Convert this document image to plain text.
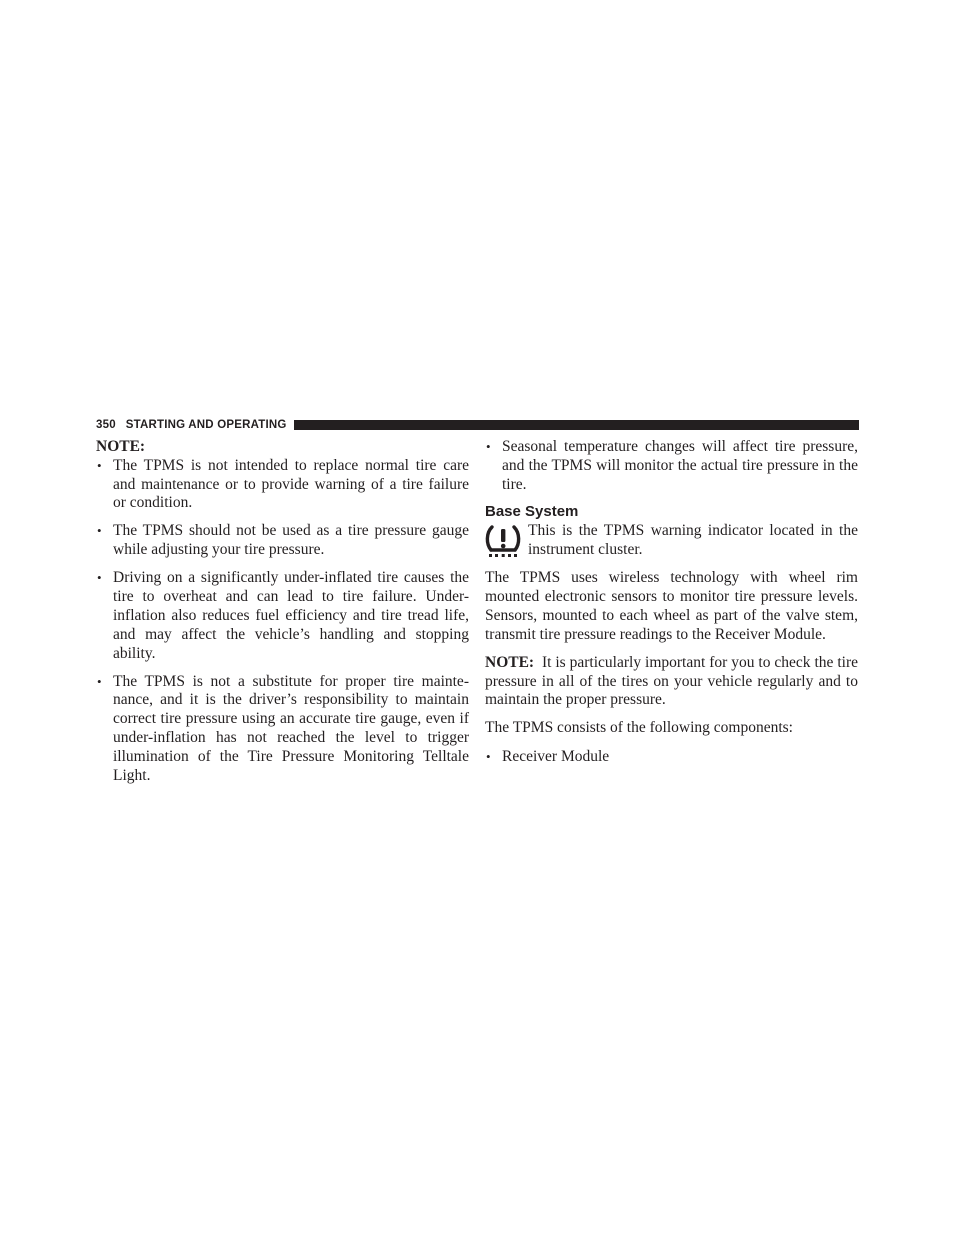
350 STARTING AND OPERATING
NOTE:
• The TPMS is not intended to replace normal tire care and maintenance or to provide warning of a tire failure or condition.
• The TPMS should not be used as a tire pressure gauge while adjusting your tire pressure.
• Driving on a significantly under-inflated tire causes the tire to overheat and can lead to tire failure. Under-inflation also reduces fuel efficiency and tire tread life, and may affect the vehicle’s handling and stopping ability.
• The TPMS is not a substitute for proper tire maintenance, and it is the driver’s responsibility to maintain correct tire pressure using an accurate tire gauge, even if under-inflation has not reached the level to trigger illumination of the Tire Pressure Monitoring Telltale Light.
• Seasonal temperature changes will affect tire pressure, and the TPMS will monitor the actual tire pressure in the tire.
Base System

This is the TPMS warning indicator located in the instrument cluster.

The TPMS uses wireless technology with wheel rim mounted electronic sensors to monitor tire pressure levels. Sensors, mounted to each wheel as part of the valve stem, transmit tire pressure readings to the Receiver Module.

NOTE: It is particularly important for you to check the tire pressure in all of the tires on your vehicle regularly and to maintain the proper pressure.

The TPMS consists of the following components:

• Receiver Module
